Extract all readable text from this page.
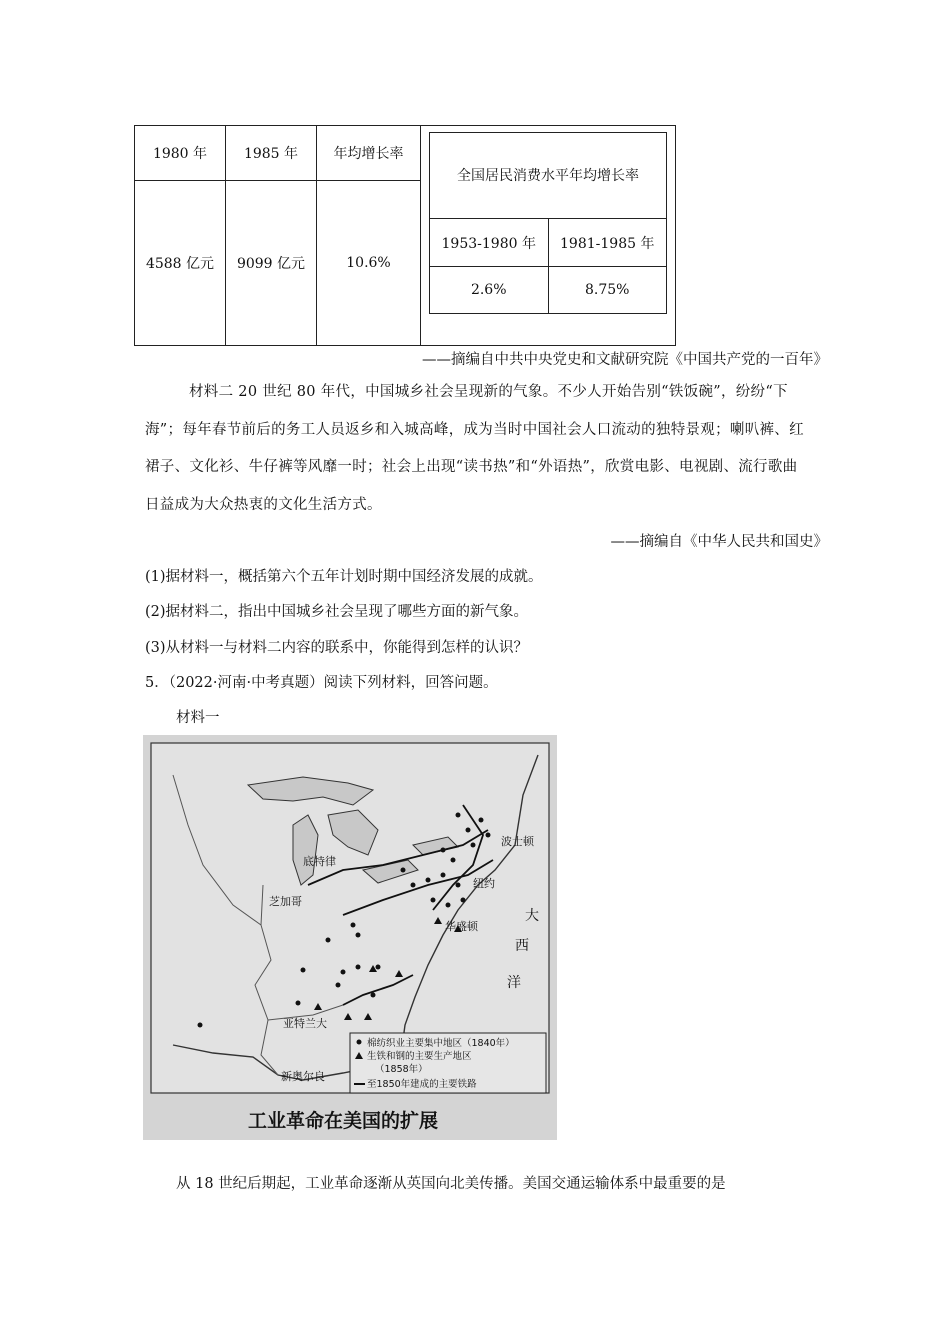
1980 年	1985 年	年均增长率	
全国居民消费水平年均增长率
1953-1980 年	1981-1985 年
2.6%	8.75%

4588 亿元	9099 亿元	10.6%
——摘编自中共中央党史和文献研究院《中国共产党的一百年》
材料二 20 世纪 80 年代，中国城乡社会呈现新的气象。不少人开始告别“铁饭碗”，纷纷“下海”；每年春节前后的务工人员返乡和入城高峰，成为当时中国社会人口流动的独特景观；喇叭裤、红裙子、文化衫、牛仔裤等风靡一时；社会上出现“读书热”和“外语热”，欣赏电影、电视剧、流行歌曲日益成为大众热衷的文化生活方式。
——摘编自《中华人民共和国史》
(1)据材料一，概括第六个五年计划时期中国经济发展的成就。
(2)据材料二，指出中国城乡社会呈现了哪些方面的新气象。
(3)从材料一与材料二内容的联系中，你能得到怎样的认识？
5．（2022·河南·中考真题）阅读下列材料，回答问题。
材料一
波士顿
纽约
华盛顿
底特律
芝加哥
亚特兰大
新奥尔良
大
西
洋
棉纺织业主要集中地区（1840年）
生铁和钢的主要生产地区
（1858年）
至1850年建成的主要铁路
工业革命在美国的扩展
从 18 世纪后期起，工业革命逐渐从英国向北美传播。美国交通运输体系中最重要的是
